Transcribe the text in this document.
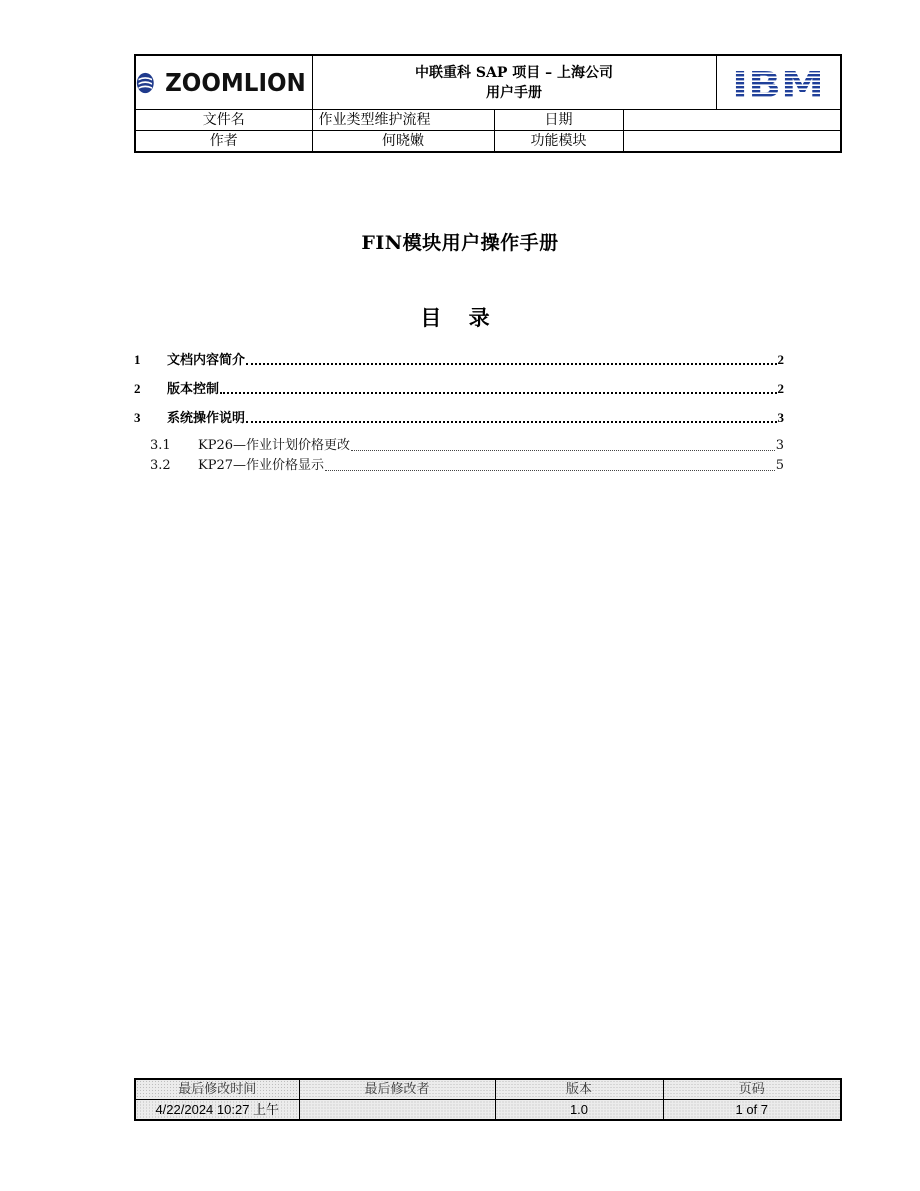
ZOOMLION	中联重科 SAP 项目 – 上海公司
用户手册

文件名	作业类型维护流程	日期		
作者	何晓嫩	功能模块		
FIN模块用户操作手册
目 录
1	文档内容简介	2
2	版本控制	2
3	系统操作说明	3
3.1	KP26—作业计划价格更改	3
3.2	KP27—作业价格显示	5
最后修改时间	最后修改者	版本	页码
4/22/2024 10:27 上午		1.0	1 of 7
